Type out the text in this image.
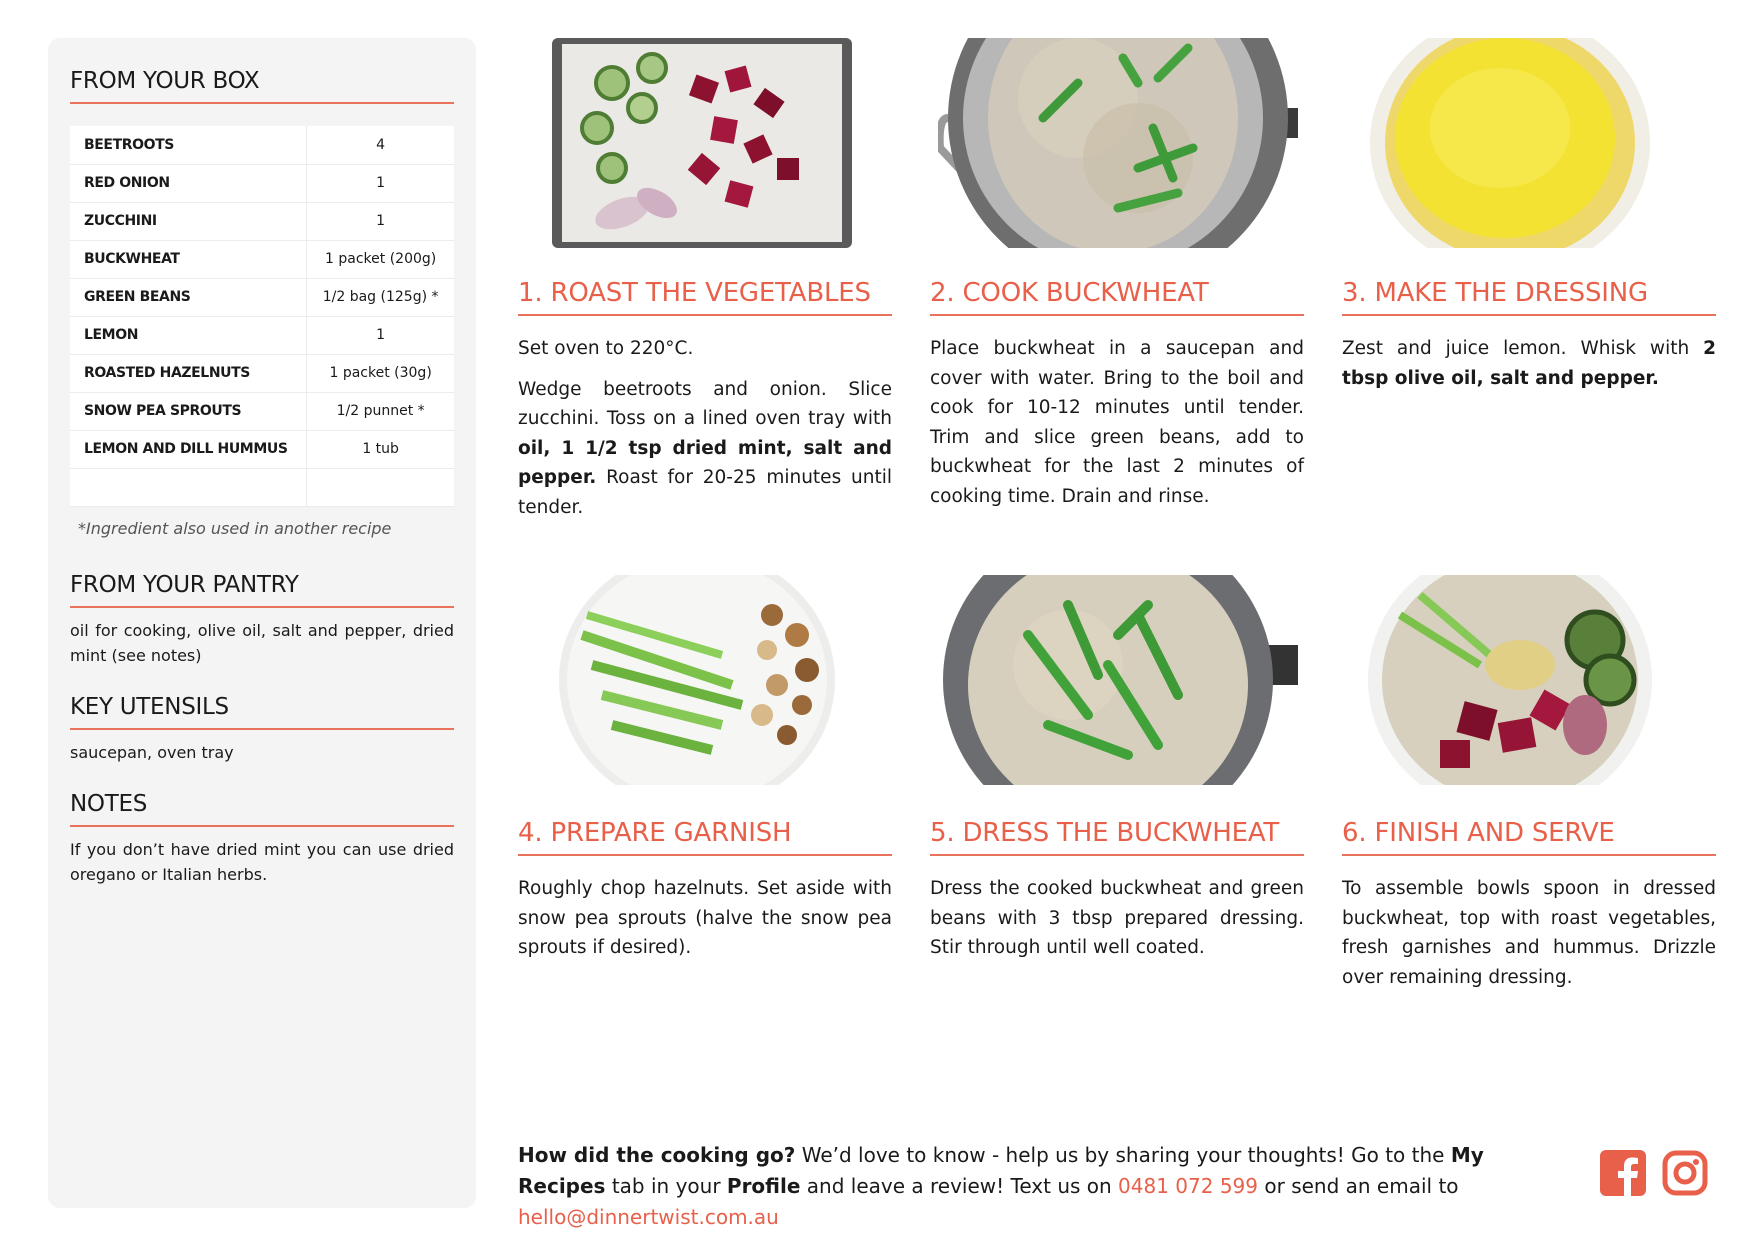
FROM YOUR BOX
BEETROOTS	4
RED ONION	1
ZUCCHINI	1
BUCKWHEAT	1 packet (200g)
GREEN BEANS	1/2 bag (125g) *
LEMON	1
ROASTED HAZELNUTS	1 packet (30g)
SNOW PEA SPROUTS	1/2 punnet *
LEMON AND DILL HUMMUS	1 tub

*Ingredient also used in another recipe
FROM YOUR PANTRY
oil for cooking, olive oil, salt and pepper, dried mint (see notes)
KEY UTENSILS
saucepan, oven tray
NOTES
If you don’t have dried mint you can use dried oregano or Italian herbs.
1. ROAST THE VEGETABLES

Set oven to 220°C.

Wedge beetroots and onion. Slice zucchini. Toss on a lined oven tray with oil, 1 1/2 tsp dried mint, salt and pepper. Roast for 20-25 minutes until tender.

2. COOK BUCKWHEAT

Place buckwheat in a saucepan and cover with water. Bring to the boil and cook for 10-12 minutes until tender. Trim and slice green beans, add to buckwheat for the last 2 minutes of cooking time. Drain and rinse.

3. MAKE THE DRESSING

Zest and juice lemon. Whisk with 2 tbsp olive oil, salt and pepper.

4. PREPARE GARNISH

Roughly chop hazelnuts. Set aside with snow pea sprouts (halve the snow pea sprouts if desired).

5. DRESS THE BUCKWHEAT

Dress the cooked buckwheat and green beans with 3 tbsp prepared dressing. Stir through until well coated.

6. FINISH AND SERVE

To assemble bowls spoon in dressed buckwheat, top with roast vegetables, fresh garnishes and hummus. Drizzle over remaining dressing.

How did the cooking go? We’d love to know - help us by sharing your thoughts! Go to the My Recipes tab in your Profile and leave a review! Text us on 0481 072 599 or send an email to hello@dinnertwist.com.au
